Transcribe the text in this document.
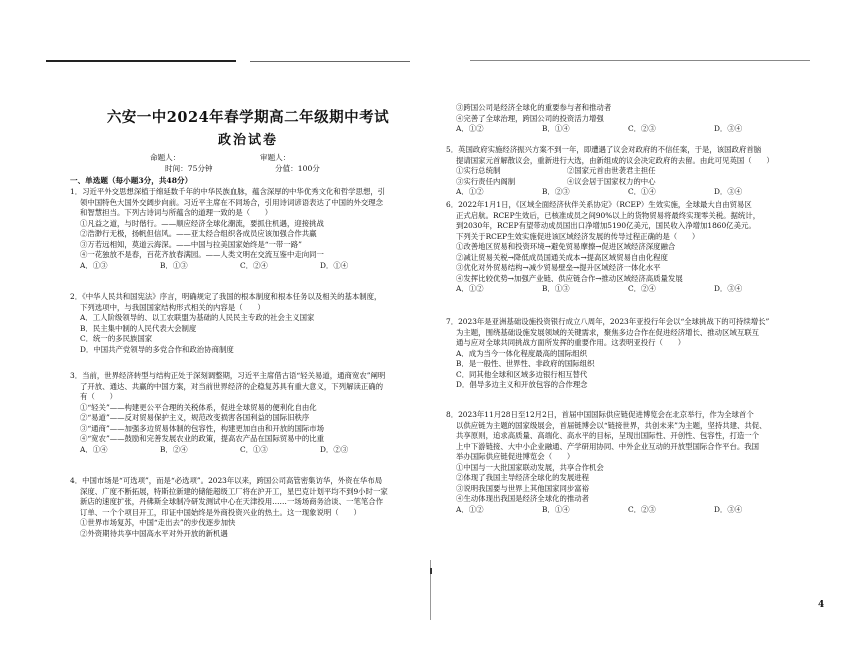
六安一中2024年春学期高二年级期中考试
政治试卷
命题人：	审题人：
时间：75分钟	分值：100分
一、单选题（每小题3分，共48分）
1．习近平外交思想深植于绵延数千年的中华民族血脉，蕴含深厚的中华优秀文化和哲学思想，引
领中国特色大国外交阔步向前。习近平主席在不同场合，引用诗词谚语表达了中国的外交理念
和智慧担当。下列古诗词与所蕴含的道理一致的是（　　）
①凡益之道，与时偕行。——顺应经济全球化潮流，要抓住机遇，迎接挑战
②浩渺行无极，扬帆但信风。——亚太经合组织各成员应该加强合作共赢
③万若远相知，莫道云海深。——中国与拉美国家始终是“一带一路”
④一花独放不是春，百花齐放春满园。——人类文明在交流互鉴中走向同一
A．①③	B．①③	C．②④	D．①④
2．《中华人民共和国宪法》序言，明确规定了我国的根本制度和根本任务以及相关的基本制度，
下列选项中，与我国国家结构形式相关的内容是（　　）
A．工人阶级领导的、以工农联盟为基础的人民民主专政的社会主义国家
B．民主集中制的人民代表大会制度
C．统一的多民族国家
D．中国共产党领导的多党合作和政治协商制度
3．当前，世界经济转型与结构正处于深刻调整期，习近平主席借古语“轻关易道，通商宽农”阐明
了开放、通达、共赢的中国方案，对当前世界经济的企稳复苏具有重大意义，下列解读正确的
有（　　）
①“轻关”——构建更公平合理的关税体系，促进全球贸易的便利化自由化
②“易道”——反对贸易保护主义，规范改变损害各国利益的国际旧秩序
③“通商”——加强多边贸易体制的包容性，构建更加自由和开放的国际市场
④“宽农”——鼓励和完善发展农业的政策，提高农产品在国际贸易中的比重
A．①④	B．②④	C．①③	D．②③
4．中国市场是“可选项”，而是“必选项”。2023年以来，跨国公司高管密集访华，外资在华布局
深度、广度不断拓展，特斯拉新建的储能超级工厂将在沪开工，星巴克计划平均不到9小时一家
新店的速度扩张，丹佛斯全球制冷研发测试中心在天津投用……一场场商务洽谈、一笔笔合作
订单、一个个项目开工，印证中国始终是外商投资兴业的热土。这一现象说明（　　）
①世界市场复苏，中国“走出去”的步伐逐步加快
②外资期待共享中国高水平对外开放的新机遇
③跨国公司是经济全球化的重要参与者和推动者
④完善了全球治理，跨国公司的投资活力增强
A．①②	B．①④	C．②③	D．③④
5．英国政府实施经济振兴方案不到一年，即遭遇了议会对政府的不信任案，于是，该国政府首脑
提请国家元首解散议会，重新进行大选，由新组成的议会决定政府的去留。由此可见英国（　　）
①实行总统制　　　　　　　　　②国家元首由世袭君主担任
③实行责任内阁制　　　　　　　④议会居于国家权力的中心
A．①②	B．②③	C．①④	D．③④
6．2022年1月1日，《区域全面经济伙伴关系协定》（RCEP）生效实施，全球最大自由贸易区
正式启航。RCEP生效后，已核准成员之间90%以上的货物贸易将最终实现零关税。据统计，
到2030年，RCEP有望带动成员国出口净增加5190亿美元，国民收入净增加1860亿美元。
下列关于RCEP生效实施促进该区域经济发展的传导过程正确的是（　　）
①改善地区贸易和投资环境→避免贸易摩擦→促进区域经济深度融合
②减让贸易关税→降低成员国通关成本→提高区域贸易自由化程度
③优化对外贸易结构→减少贸易壁垒→提升区域经济一体化水平
④发挥比较优势→加强产业链、供应链合作→推动区域经济高质量发展
A．①②	B．①③	C．②④	D．③④
7．2023年是亚洲基础设施投资银行成立八周年，2023年亚投行年会以“全球挑战下的可持续增长”
为主题，围绕基础设施发展领域的关键需求，聚焦多边合作在促进经济增长、推动区域互联互
通与应对全球共同挑战方面所发挥的重要作用。这表明亚投行（　　）
A．成为当今一体化程度最高的国际组织
B．是一般性、世界性、非政府的国际组织
C．同其他全球和区域多边银行相互替代
D．倡导多边主义和开放包容的合作理念
8．2023年11月28日至12月2日，首届中国国际供应链促进博览会在北京举行，作为全球首个
以供应链为主题的国家级展会，首届链博会以“链接世界，共创未来”为主题，坚持共建、共促、
共享原则，追求高质量、高端化、高水平的目标，呈现出国际性、开创性、包容性，打造一个
上中下游链接、大中小企业融通、产学研用协同、中外企业互动的开放型国际合作平台。我国
举办国际供应链促进博览会（　　）
①中国与一大批国家联动发展，共享合作机会
②体现了我国主导经济全球化的发展进程
③说明我国要与世界上其他国家同步富裕
④生动体现出我国是经济全球化的推动者
A．①②	B．①④	C．②③	D．③④
4
